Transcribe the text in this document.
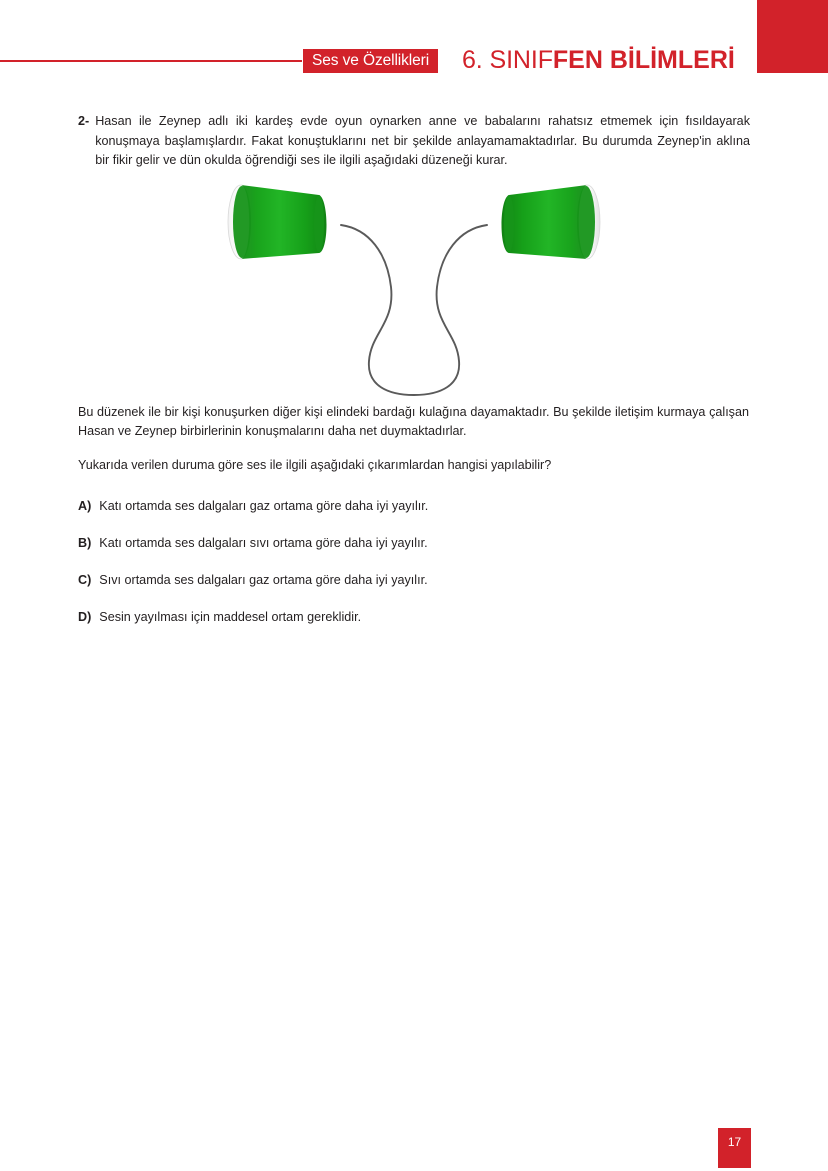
Ses ve Özellikleri	6. SINIFFEN BİLİMLERİ
2- Hasan ile Zeynep adlı iki kardeş evde oyun oynarken anne ve babalarını rahatsız etmemek için fısıldayarak konuşmaya başlamışlardır. Fakat konuştuklarını net bir şekilde anlayamamaktadırlar. Bu durumda Zeynep'in aklına bir fikir gelir ve dün okulda öğrendiği ses ile ilgili aşağıdaki düzeneği kurar.

Bu düzenek ile bir kişi konuşurken diğer kişi elindeki bardağı kulağına dayamaktadır. Bu şekilde iletişim kurmaya çalışan Hasan ve Zeynep birbirlerinin konuşmalarını daha net duymaktadırlar.

Yukarıda verilen duruma göre ses ile ilgili aşağıdaki çıkarımlardan hangisi yapılabilir?

A) Katı ortamda ses dalgaları gaz ortama göre daha iyi yayılır.
B) Katı ortamda ses dalgaları sıvı ortama göre daha iyi yayılır.
C) Sıvı ortamda ses dalgaları gaz ortama göre daha iyi yayılır.
D) Sesin yayılması için maddesel ortam gereklidir.
17
